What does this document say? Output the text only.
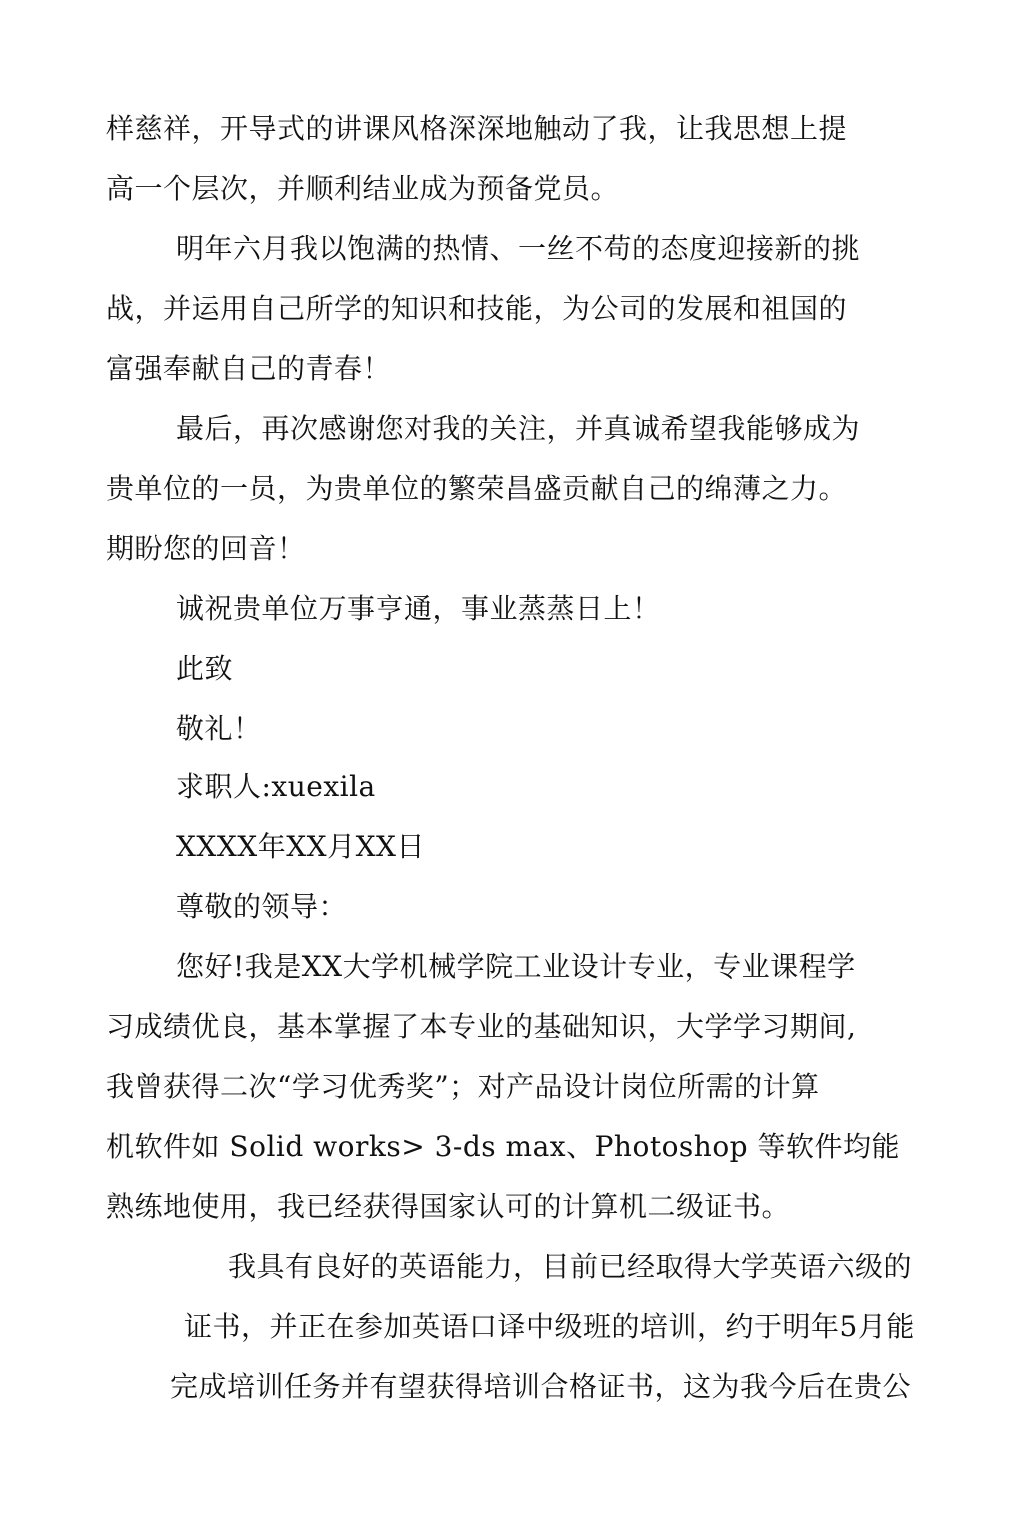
样慈祥，开导式的讲课风格深深地触动了我，让我思想上提
高一个层次，并顺利结业成为预备党员。
明年六月我以饱满的热情、一丝不苟的态度迎接新的挑
战，并运用自己所学的知识和技能，为公司的发展和祖国的
富强奉献自己的青春！
最后，再次感谢您对我的关注，并真诚希望我能够成为
贵单位的一员，为贵单位的繁荣昌盛贡献自己的绵薄之力。
期盼您的回音！
诚祝贵单位万事亨通，事业蒸蒸日上！
此致
敬礼！
求职人:xuexila
XXXX年XX月XX日
尊敬的领导：
您好!我是XX大学机械学院工业设计专业，专业课程学
习成绩优良，基本掌握了本专业的基础知识，大学学习期间,
我曾获得二次“学习优秀奖”；对产品设计岗位所需的计算
机软件如 Solid works> 3-ds max、Photoshop 等软件均能
熟练地使用，我已经获得国家认可的计算机二级证书。
我具有良好的英语能力，目前已经取得大学英语六级的
证书，并正在参加英语口译中级班的培训，约于明年5月能
完成培训任务并有望获得培训合格证书，这为我今后在贵公
